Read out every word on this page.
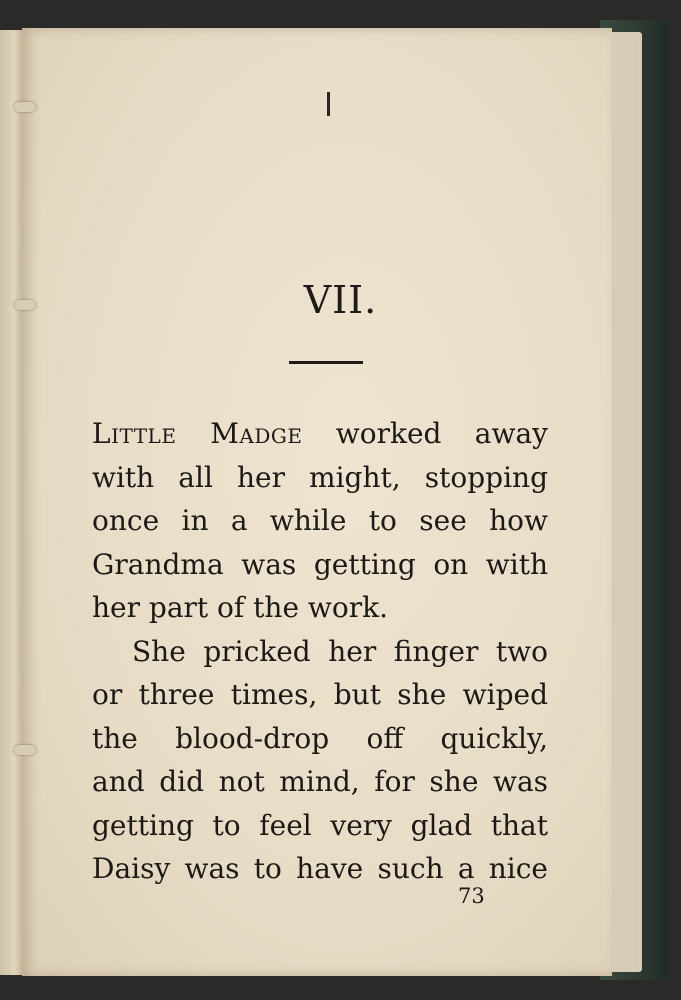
VII.
Little Madge worked away
with all her might, stopping
once in a while to see how
Grandma was getting on with
her part of the work.
She pricked her finger two
or three times, but she wiped
the blood-drop off quickly,
and did not mind, for she was
getting to feel very glad that
Daisy was to have such a nice
73
